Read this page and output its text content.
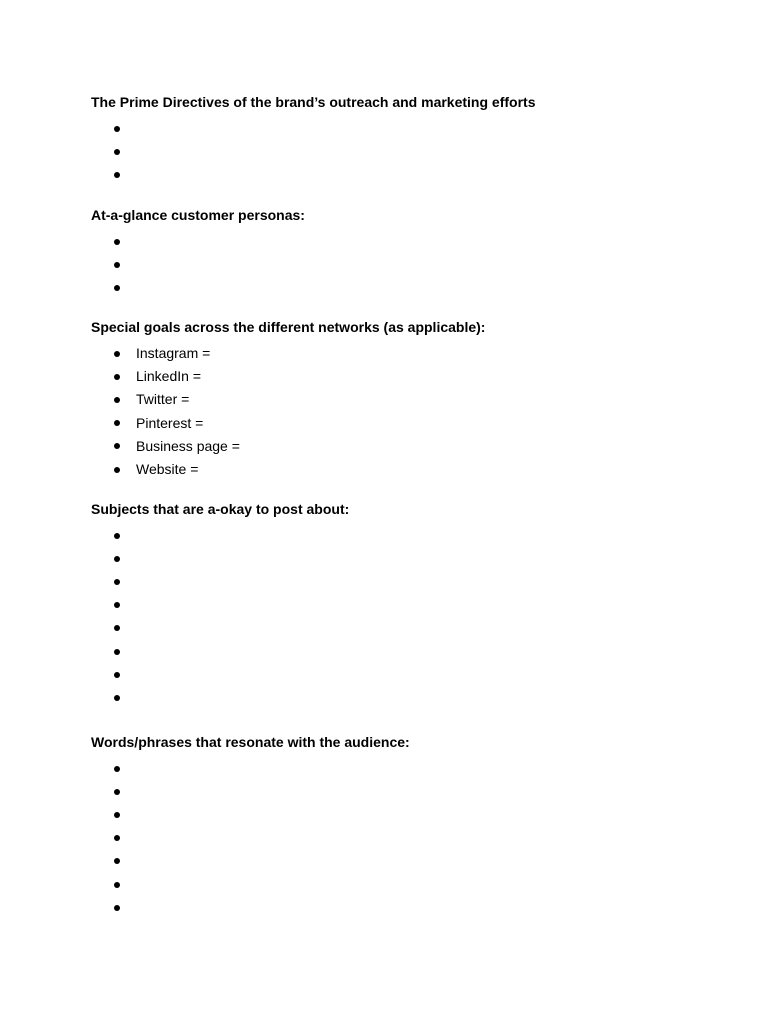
The Prime Directives of the brand’s outreach and marketing efforts
At-a-glance customer personas:
Special goals across the different networks (as applicable):
Instagram =
LinkedIn =
Twitter =
Pinterest =
Business page =
Website =
Subjects that are a-okay to post about:
Words/phrases that resonate with the audience:
